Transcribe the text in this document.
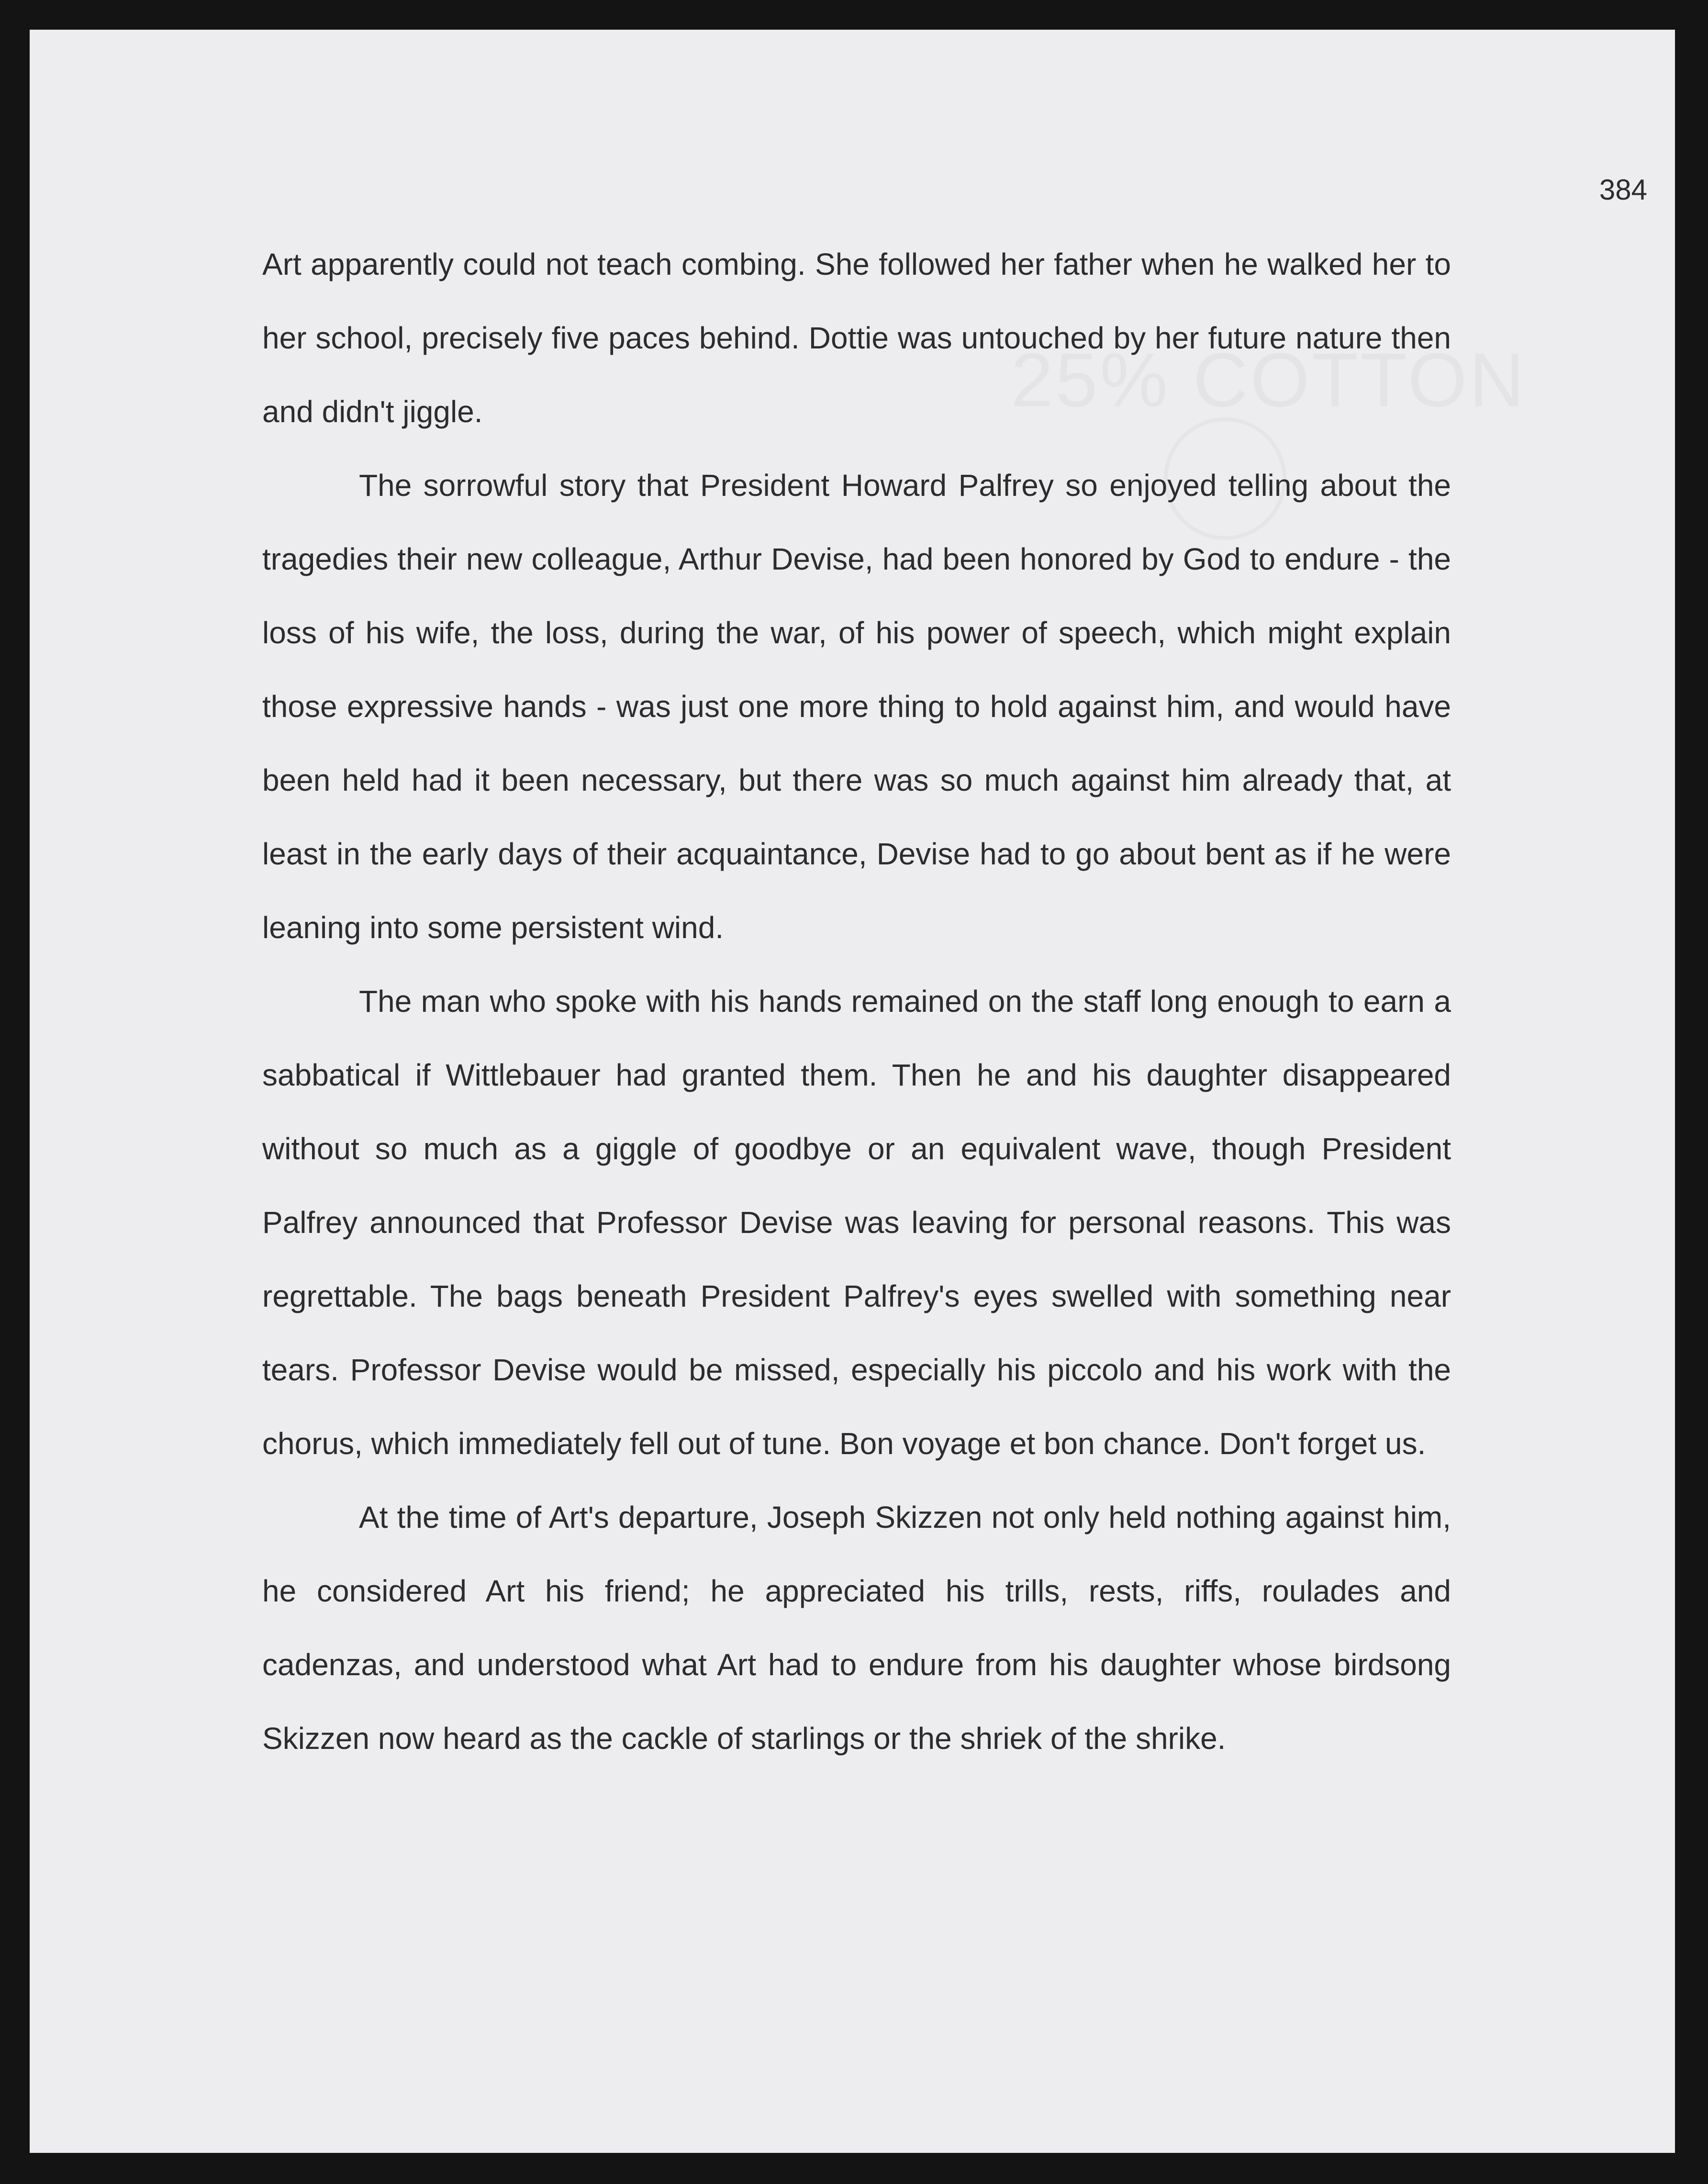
384

Art apparently could not teach combing. She followed her father when he walked her to her school, precisely five paces behind. Dottie was untouched by her future nature then and didn't jiggle.

The sorrowful story that President Howard Palfrey so enjoyed telling about the tragedies their new colleague, Arthur Devise, had been honored by God to endure - the loss of his wife, the loss, during the war, of his power of speech, which might explain those expressive hands - was just one more thing to hold against him, and would have been held had it been necessary, but there was so much against him already that, at least in the early days of their acquaintance, Devise had to go about bent as if he were leaning into some persistent wind.

The man who spoke with his hands remained on the staff long enough to earn a sabbatical if Wittlebauer had granted them. Then he and his daughter disappeared without so much as a giggle of goodbye or an equivalent wave, though President Palfrey announced that Professor Devise was leaving for personal reasons. This was regrettable. The bags beneath President Palfrey's eyes swelled with something near tears. Professor Devise would be missed, especially his piccolo and his work with the chorus, which immediately fell out of tune. Bon voyage et bon chance. Don't forget us.

At the time of Art's departure, Joseph Skizzen not only held nothing against him, he considered Art his friend; he appreciated his trills, rests, riffs, roulades and cadenzas, and understood what Art had to endure from his daughter whose birdsong Skizzen now heard as the cackle of starlings or the shriek of the shrike.
